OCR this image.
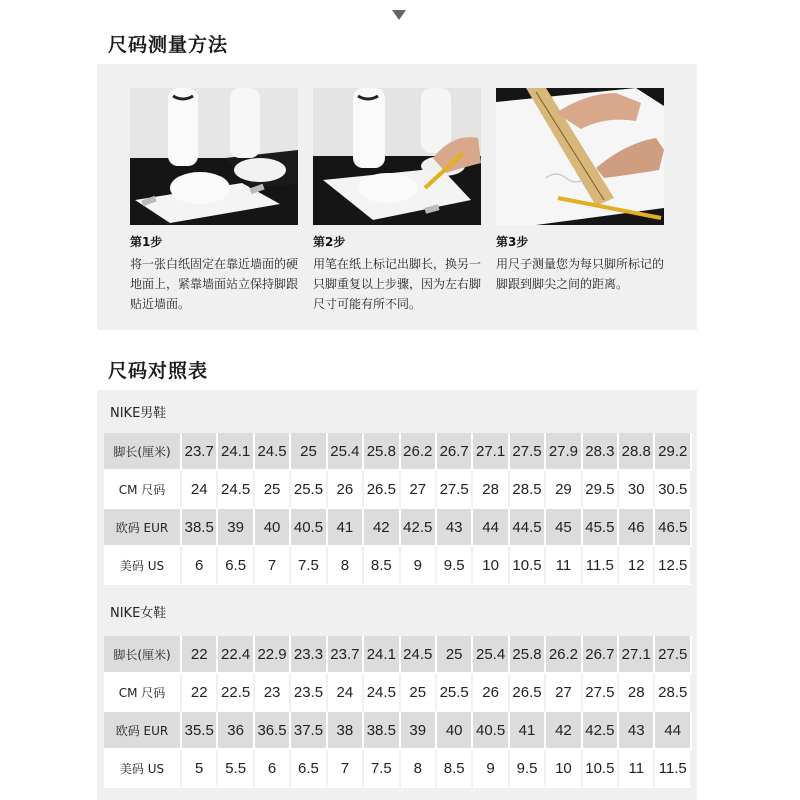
尺码测量方法
第1步
将一张白纸固定在靠近墙面的硬地面上，紧靠墙面站立保持脚跟贴近墙面。
第2步
用笔在纸上标记出脚长，换另一只脚重复以上步骤，因为左右脚尺寸可能有所不同。
第3步
用尺子测量您为每只脚所标记的脚跟到脚尖之间的距离。
尺码对照表
NIKE男鞋
脚长(厘米)	23.7	24.1	24.5	25	25.4	25.8	26.2	26.7	27.1	27.5	27.9	28.3	28.8	29.2
CM 尺码	24	24.5	25	25.5	26	26.5	27	27.5	28	28.5	29	29.5	30	30.5
欧码 EUR	38.5	39	40	40.5	41	42	42.5	43	44	44.5	45	45.5	46	46.5
美码 US	6	6.5	7	7.5	8	8.5	9	9.5	10	10.5	11	11.5	12	12.5
NIKE女鞋
脚长(厘米)	22	22.4	22.9	23.3	23.7	24.1	24.5	25	25.4	25.8	26.2	26.7	27.1	27.5
CM 尺码	22	22.5	23	23.5	24	24.5	25	25.5	26	26.5	27	27.5	28	28.5
欧码 EUR	35.5	36	36.5	37.5	38	38.5	39	40	40.5	41	42	42.5	43	44
美码 US	5	5.5	6	6.5	7	7.5	8	8.5	9	9.5	10	10.5	11	11.5
